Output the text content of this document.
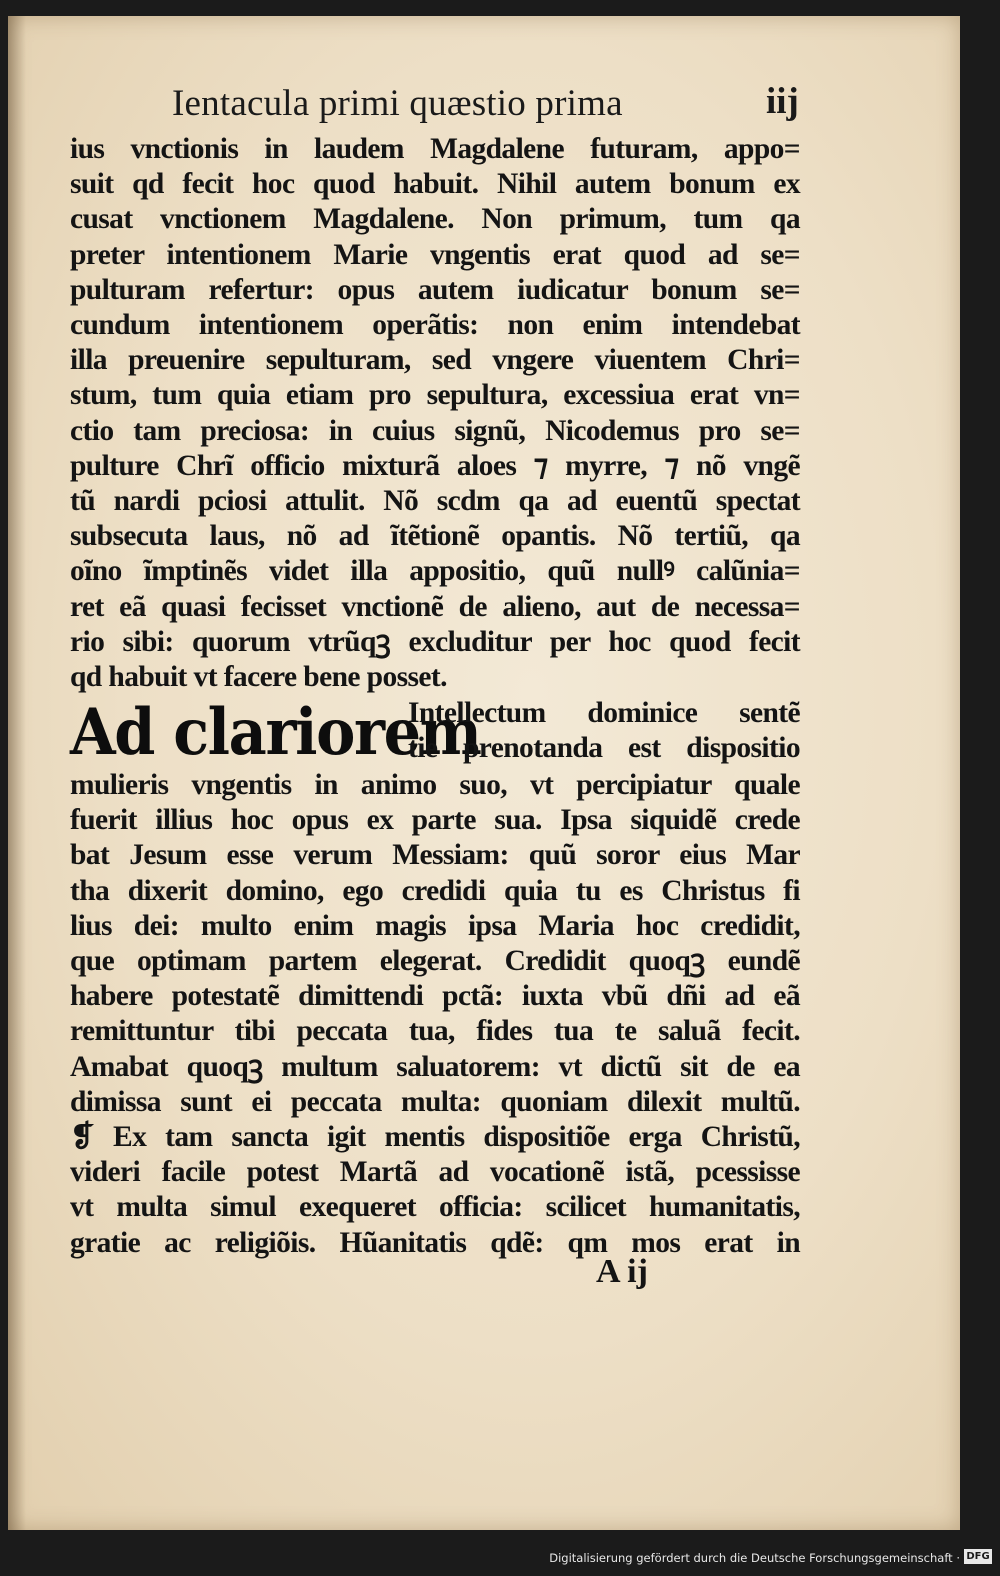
Ientacula primi quæstio prima	iij
ius vnctionis in laudem Magdalene futuram, appo=
suit qd fecit hoc quod habuit. Nihil autem bonum ex
cusat vnctionem Magdalene. Non primum, tum qa
preter intentionem Marie vngentis erat quod ad se=
pulturam refertur: opus autem iudicatur bonum se=
cundum intentionem operãtis: non enim intendebat
illa preuenire sepulturam, sed vngere viuentem Chri=
stum, tum quia etiam pro sepultura, excessiua erat vn=
ctio tam preciosa: in cuius signũ, Nicodemus pro se=
pulture Chrĩ officio mixturã aloes ⁊ myrre, ⁊ nõ vngẽ
tũ nardi pciosi attulit. Nõ scdm qa ad euentũ spectat
subsecuta laus, nõ ad ĩtẽtionẽ opantis. Nõ tertiũ, qa
oĩno ĩmptinẽs videt illa appositio, quũ nullꝰ calũnia=
ret eã quasi fecisset vnctionẽ de alieno, aut de necessa=
rio sibi: quorum vtrũqꝫ excluditur per hoc quod fecit
qd habuit vt facere bene posset.
Ad clariorem
Intellectum dominice sentẽ
tie prenotanda est dispositio
mulieris vngentis in animo suo, vt percipiatur quale
fuerit illius hoc opus ex parte sua. Ipsa siquidẽ crede
bat Jesum esse verum Messiam: quũ soror eius Mar
tha dixerit domino, ego credidi quia tu es Christus fi
lius dei: multo enim magis ipsa Maria hoc credidit,
que optimam partem elegerat. Credidit quoqꝫ eundẽ
habere potestatẽ dimittendi pctã: iuxta vbũ dñi ad eã
remittuntur tibi peccata tua, fides tua te saluã fecit.
Amabat quoqꝫ multum saluatorem: vt dictũ sit de ea
dimissa sunt ei peccata multa: quoniam dilexit multũ.
❡ Ex tam sancta igit mentis dispositiõe erga Christũ,
videri facile potest Martã ad vocationẽ istã, pcessisse
vt multa simul exequeret officia: scilicet humanitatis,
gratie ac religiõis. Hũanitatis qdẽ: qm mos erat in
A ij
Digitalisierung gefördert durch die Deutsche Forschungsgemeinschaft · DFG
